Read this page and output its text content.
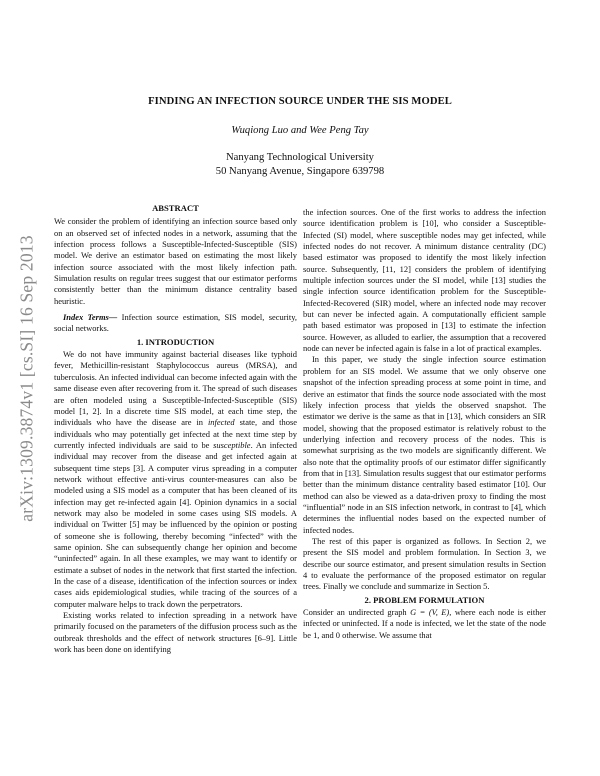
arXiv:1309.3874v1 [cs.SI] 16 Sep 2013
FINDING AN INFECTION SOURCE UNDER THE SIS MODEL
Wuqiong Luo and Wee Peng Tay
Nanyang Technological University
50 Nanyang Avenue, Singapore 639798
ABSTRACT

We consider the problem of identifying an infection source based only on an observed set of infected nodes in a network, assuming that the infection process follows a Susceptible-Infected-Susceptible (SIS) model. We derive an estimator based on estimating the most likely infection source associated with the most likely infection path. Simulation results on regular trees suggest that our estimator performs consistently better than the minimum distance centrality based heuristic.

Index Terms— Infection source estimation, SIS model, security, social networks.

1. INTRODUCTION

We do not have immunity against bacterial diseases like typhoid fever, Methicillin-resistant Staphylococcus aureus (MRSA), and tuberculosis. An infected individual can become infected again with the same disease even after recovering from it. The spread of such diseases are often modeled using a Susceptible-Infected-Susceptible (SIS) model [1, 2]. In a discrete time SIS model, at each time step, the individuals who have the disease are in infected state, and those individuals who may potentially get infected at the next time step by currently infected individuals are said to be susceptible. An infected individual may recover from the disease and get infected again at subsequent time steps [3]. A computer virus spreading in a computer network without effective anti-virus counter-measures can also be modeled using a SIS model as a computer that has been cleaned of its infection may get re-infected again [4]. Opinion dynamics in a social network may also be modeled in some cases using SIS models. A individual on Twitter [5] may be influenced by the opinion or posting of someone she is following, thereby becoming “infected” with the same opinion. She can subsequently change her opinion and become “uninfected” again. In all these examples, we may want to identify or estimate a subset of nodes in the network that first started the infection. In the case of a disease, identification of the infection sources or index cases aids epidemiological studies, while tracing of the sources of a computer malware helps to track down the perpetrators.

Existing works related to infection spreading in a network have primarily focused on the parameters of the diffusion process such as the outbreak thresholds and the effect of network structures [6–9]. Little work has been done on identifying

the infection sources. One of the first works to address the infection source identification problem is [10], who consider a Susceptible-Infected (SI) model, where susceptible nodes may get infected, while infected nodes do not recover. A minimum distance centrality (DC) based estimator was proposed to identify the most likely infection source. Subsequently, [11, 12] considers the problem of identifying multiple infection sources under the SI model, while [13] studies the single infection source identification problem for the Susceptible-Infected-Recovered (SIR) model, where an infected node may recover but can never be infected again. A computationally efficient sample path based estimator was proposed in [13] to estimate the infection source. However, as alluded to earlier, the assumption that a recovered node can never be infected again is false in a lot of practical examples.

In this paper, we study the single infection source estimation problem for an SIS model. We assume that we only observe one snapshot of the infection spreading process at some point in time, and derive an estimator that finds the source node associated with the most likely infection process that yields the observed snapshot. The estimator we derive is the same as that in [13], which considers an SIR model, showing that the proposed estimator is relatively robust to the underlying infection and recovery process of the nodes. This is somewhat surprising as the two models are significantly different. We also note that the optimality proofs of our estimator differ significantly from that in [13]. Simulation results suggest that our estimator performs better than the minimum distance centrality based estimator [10]. Our method can also be viewed as a data-driven proxy to finding the most “influential” node in an SIS infection network, in contrast to [4], which determines the influential nodes based on the expected number of infected nodes.

The rest of this paper is organized as follows. In Section 2, we present the SIS model and problem formulation. In Section 3, we describe our source estimator, and present simulation results in Section 4 to evaluate the performance of the proposed estimator on regular trees. Finally we conclude and summarize in Section 5.

2. PROBLEM FORMULATION

Consider an undirected graph G = (V, E), where each node is either infected or uninfected. If a node is infected, we let the state of the node be 1, and 0 otherwise. We assume that
